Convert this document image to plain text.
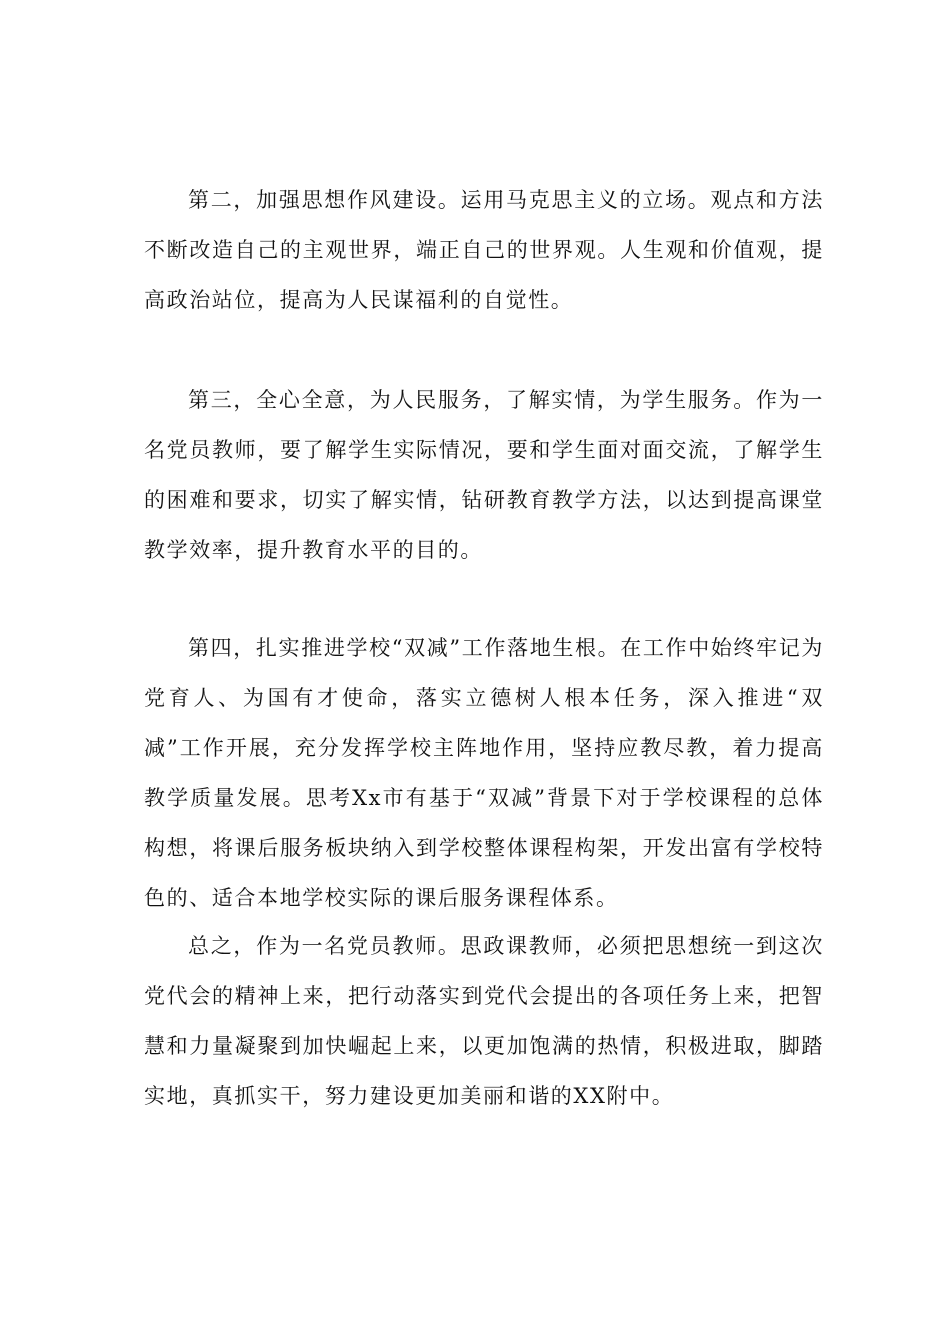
第二，加强思想作风建设。运用马克思主义的立场。观点和方法不断改造自己的主观世界，端正自己的世界观。人生观和价值观，提高政治站位，提高为人民谋福利的自觉性。

第三，全心全意，为人民服务，了解实情，为学生服务。作为一名党员教师，要了解学生实际情况，要和学生面对面交流，了解学生的困难和要求，切实了解实情，钻研教育教学方法，以达到提高课堂教学效率，提升教育水平的目的。

第四，扎实推进学校“双减”工作落地生根。在工作中始终牢记为党育人、为国有才使命，落实立德树人根本任务，深入推进“双减”工作开展，充分发挥学校主阵地作用，坚持应教尽教，着力提高教学质量发展。思考Xx市有基于“双减”背景下对于学校课程的总体构想，将课后服务板块纳入到学校整体课程构架，开发出富有学校特色的、适合本地学校实际的课后服务课程体系。

总之，作为一名党员教师。思政课教师，必须把思想统一到这次党代会的精神上来，把行动落实到党代会提出的各项任务上来，把智慧和力量凝聚到加快崛起上来，以更加饱满的热情，积极进取，脚踏实地，真抓实干，努力建设更加美丽和谐的XX附中。
